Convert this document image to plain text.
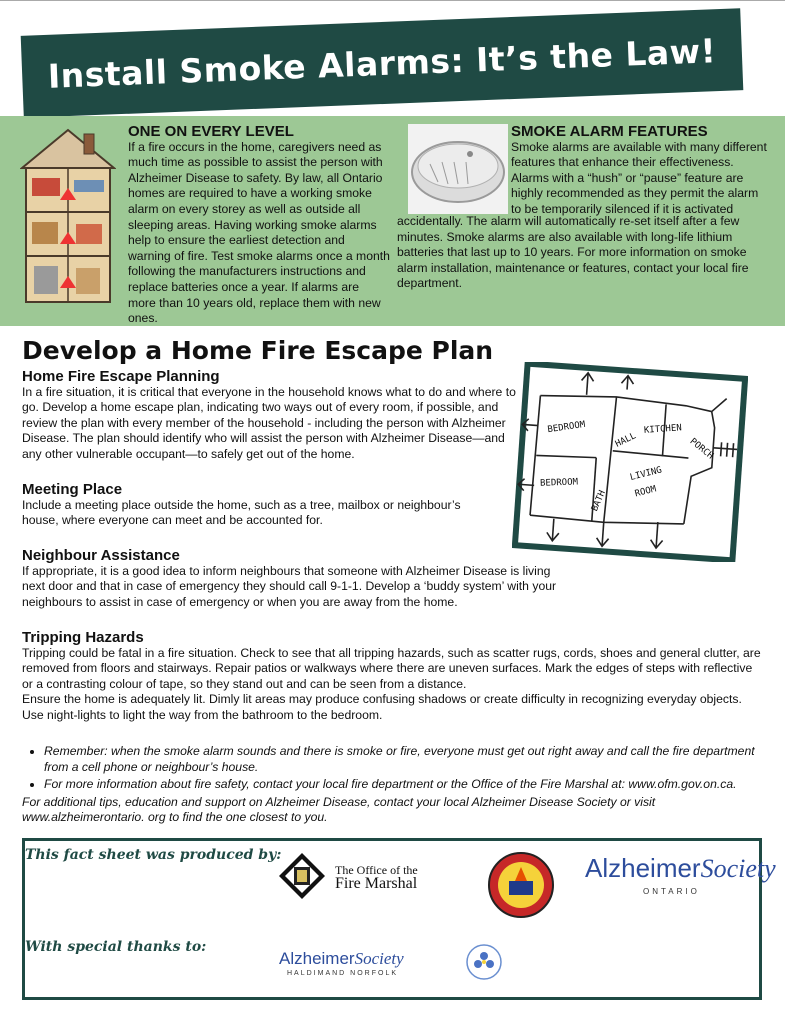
Install Smoke Alarms: It’s the Law!
ONE ON EVERY LEVEL
If a fire occurs in the home, caregivers need as much time as possible to assist the person with Alzheimer Disease to safety. By law, all Ontario homes are required to have a working smoke alarm on every storey as well as outside all sleeping areas. Having working smoke alarms help to ensure the earliest detection and warning of fire. Test smoke alarms once a month following the manufacturers instructions and replace batteries once a year. If alarms are more than 10 years old, replace them with new ones.
SMOKE ALARM FEATURES
Smoke alarms are available with many different features that enhance their effectiveness. Alarms with a “hush” or “pause” feature are highly recommended as they permit the alarm to be temporarily silenced if it is activated
accidentally. The alarm will automatically re-set itself after a few minutes. Smoke alarms are also available with long-life lithium batteries that last up to 10 years. For more information on smoke alarm installation, maintenance or features, contact your local fire department.
Develop a Home Fire Escape Plan
Home Fire Escape Planning
In a fire situation, it is critical that everyone in the household knows what to do and where to go. Develop a home escape plan, indicating two ways out of every room, if possible, and review the plan with every member of the household - including the person with Alzheimer Disease. The plan should identify who will assist the person with Alzheimer Disease—and any other vulnerable occupant—to safely get out of the home.
Meeting Place
Include a meeting place outside the home, such as a tree, mailbox or neighbour’s house, where everyone can meet and be accounted for.
Neighbour Assistance
If appropriate, it is a good idea to inform neighbours that someone with Alzheimer Disease is living next door and that in case of emergency they should call 9-1-1. Develop a ‘buddy system’ with your neighbours to assist in case of emergency or when you are away from the home.
Tripping Hazards
Tripping could be fatal in a fire situation. Check to see that all tripping hazards, such as scatter rugs, cords, shoes and general clutter, are removed from floors and stairways. Repair patios or walkways where there are uneven surfaces. Mark the edges of steps with reflective or a contrasting colour of tape, so they stand out and can be seen from a distance.
Ensure the home is adequately lit. Dimly lit areas may produce confusing shadows or create difficulty in recognizing everyday objects. Use night-lights to light the way from the bathroom to the bedroom.
BEDROOM
HALL
KITCHEN
PORCH
BEDROOM
BATH
LIVING
ROOM
• Remember: when the smoke alarm sounds and there is smoke or fire, everyone must get out right away and call the fire department from a cell phone or neighbour’s house.
• For more information about fire safety, contact your local fire department or the Office of the Fire Marshal at: www.ofm.gov.on.ca.

For additional tips, education and support on Alzheimer Disease, contact your local Alzheimer Disease Society or visit www.alzheimerontario. org to find the one closest to you.

This fact sheet was produced by:
With special thanks to:
The Office of the
Fire Marshal
AlzheimerSociety
ONTARIO
AlzheimerSociety
HALDIMAND NORFOLK
